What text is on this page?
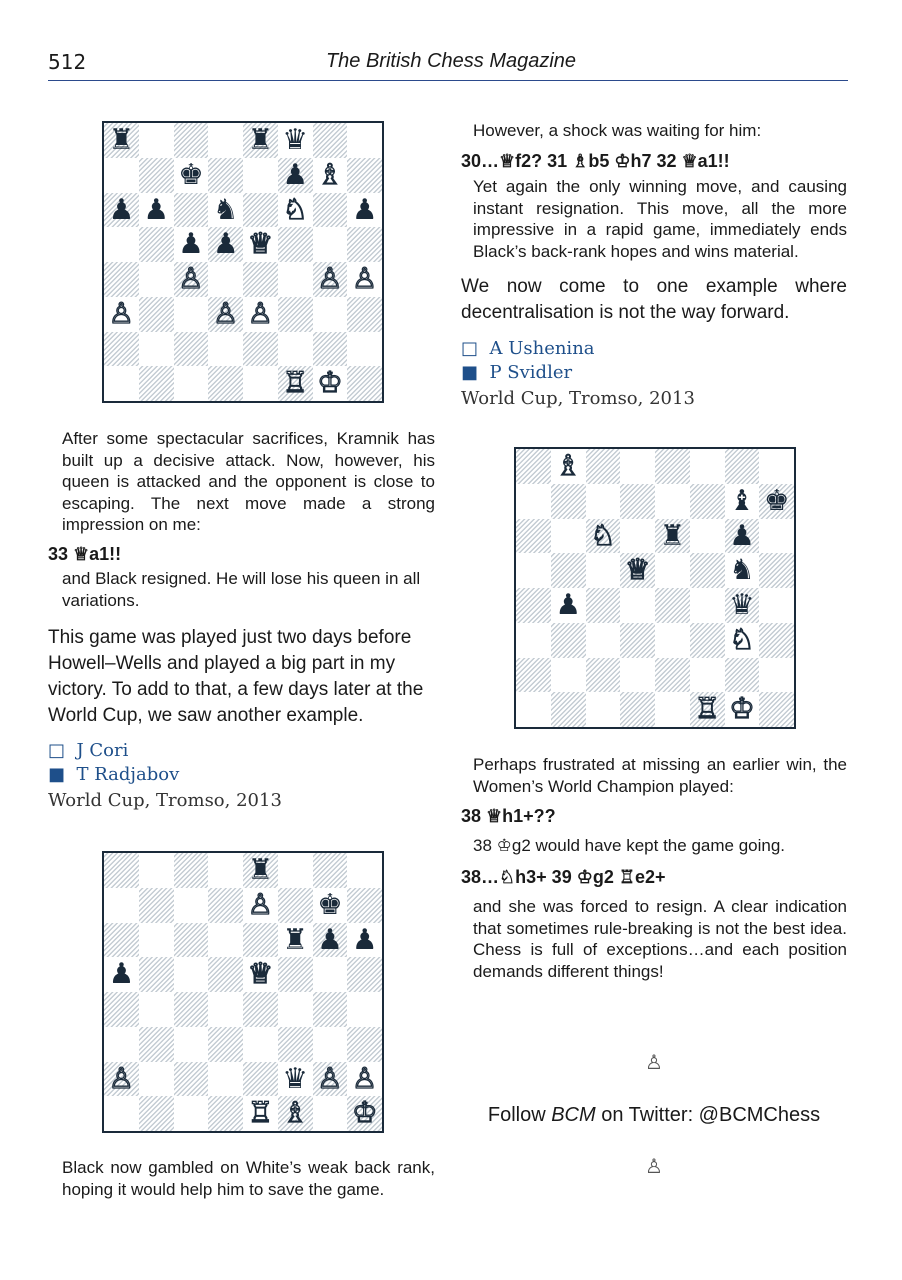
512	The British Chess Magazine
♜	♜ ♛
♚	♟ ♗
♟ ♟ ♞ ♘ ♟
♟ ♟ ♕
♙	♙ ♙
♙	♙ ♙
♖ ♔
After some spectacular sacrifices, Kramnik has built up a decisive attack. Now, however, his queen is attacked and the opponent is close to escaping. The next move made a strong impression on me:
33 ♕a1!!
and Black resigned. He will lose his queen in all variations.
This game was played just two days before Howell–Wells and played a big part in my victory. To add to that, a few days later at the World Cup, we saw another example.
□ J Cori
■ T Radjabov
World Cup, Tromso, 2013
♜
♙ ♚
♜ ♟ ♟
♟	♕
♙	♛ ♙ ♙
♖ ♗ ♔
Black now gambled on White’s weak back rank, hoping it would help him to save the game.
However, a shock was waiting for him:
30…♕f2? 31 ♗b5 ♔h7 32 ♕a1!!
Yet again the only winning move, and causing instant resignation. This move, all the more impressive in a rapid game, immediately ends Black’s back-rank hopes and wins material.
We now come to one example where decentralisation is not the way forward.
□ A Ushenina
■ P Svidler
World Cup, Tromso, 2013
♗
♝ ♚
♘ ♜ ♟
♕	♞
♟	♛
♘
♖ ♔
Perhaps frustrated at missing an earlier win, the Women’s World Champion played:
38 ♕h1+??
38 ♔g2 would have kept the game going.
38…♘h3+ 39 ♔g2 ♖e2+
and she was forced to resign. A clear indication that sometimes rule-breaking is not the best idea. Chess is full of exceptions…and each position demands different things!
♙
Follow BCM on Twitter: @BCMChess
♙
